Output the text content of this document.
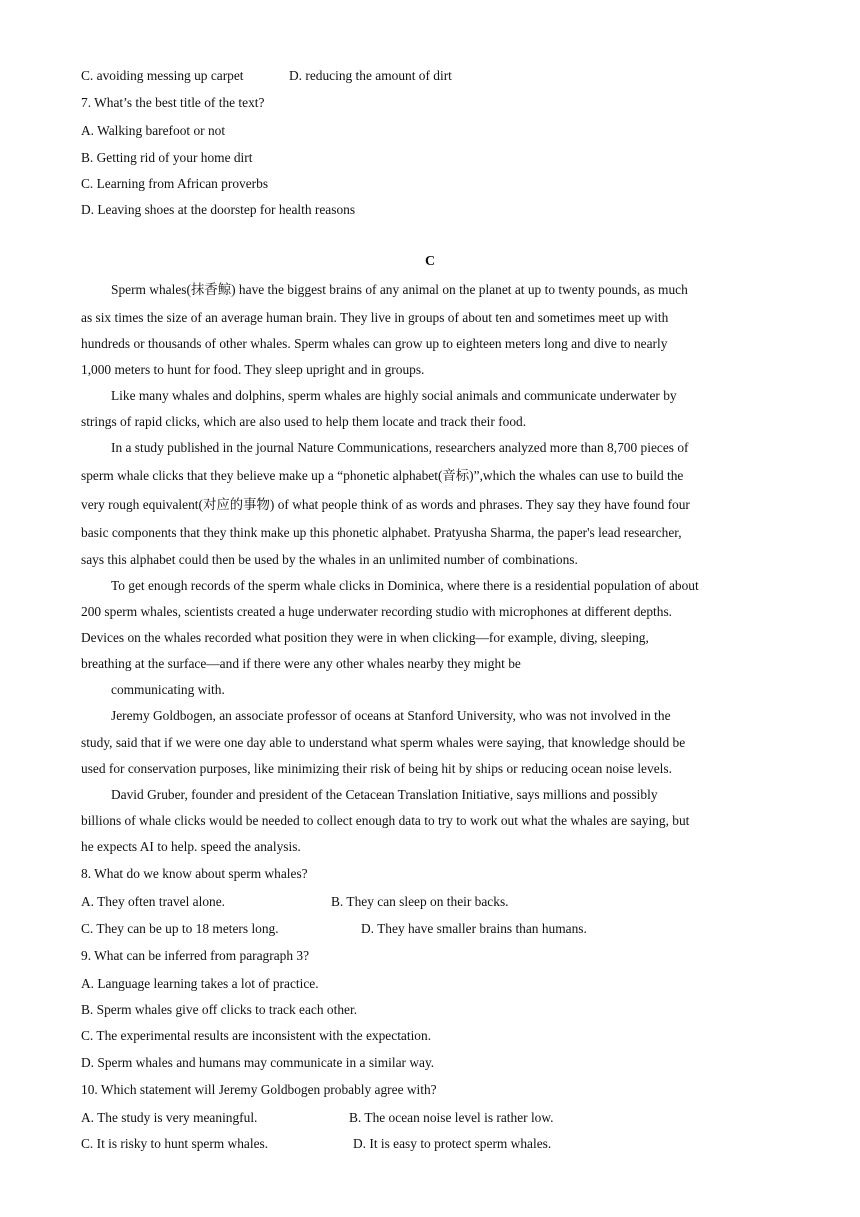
C. avoiding messing up carpet	D. reducing the amount of dirt
7. What’s the best title of the text?
A. Walking barefoot or not
B. Getting rid of your home dirt
C. Learning from African proverbs
D. Leaving shoes at the doorstep for health reasons
C
Sperm whales(抹香鲸) have the biggest brains of any animal on the planet at up to twenty pounds, as much
as six times the size of an average human brain. They live in groups of about ten and sometimes meet up with
hundreds or thousands of other whales. Sperm whales can grow up to eighteen meters long and dive to nearly
1,000 meters to hunt for food. They sleep upright and in groups.
Like many whales and dolphins, sperm whales are highly social animals and communicate underwater by
strings of rapid clicks, which are also used to help them locate and track their food.
In a study published in the journal Nature Communications, researchers analyzed more than 8,700 pieces of
sperm whale clicks that they believe make up a “phonetic alphabet(音标)”,which the whales can use to build the
very rough equivalent(对应的事物) of what people think of as words and phrases. They say they have found four
basic components that they think make up this phonetic alphabet. Pratyusha Sharma, the paper's lead researcher,
says this alphabet could then be used by the whales in an unlimited number of combinations.
To get enough records of the sperm whale clicks in Dominica, where there is a residential population of about
200 sperm whales, scientists created a huge underwater recording studio with microphones at different depths.
Devices on the whales recorded what position they were in when clicking—for example, diving, sleeping,
breathing at the surface—and if there were any other whales nearby they might be
communicating with.
Jeremy Goldbogen, an associate professor of oceans at Stanford University, who was not involved in the
study, said that if we were one day able to understand what sperm whales were saying, that knowledge should be
used for conservation purposes, like minimizing their risk of being hit by ships or reducing ocean noise levels.
David Gruber, founder and president of the Cetacean Translation Initiative, says millions and possibly
billions of whale clicks would be needed to collect enough data to try to work out what the whales are saying, but
he expects AI to help. speed the analysis.
8. What do we know about sperm whales?
A. They often travel alone.	B. They can sleep on their backs.
C. They can be up to 18 meters long.	D. They have smaller brains than humans.
9. What can be inferred from paragraph 3?
A. Language learning takes a lot of practice.
B. Sperm whales give off clicks to track each other.
C. The experimental results are inconsistent with the expectation.
D. Sperm whales and humans may communicate in a similar way.
10. Which statement will Jeremy Goldbogen probably agree with?
A. The study is very meaningful.	B. The ocean noise level is rather low.
C. It is risky to hunt sperm whales.	D. It is easy to protect sperm whales.
